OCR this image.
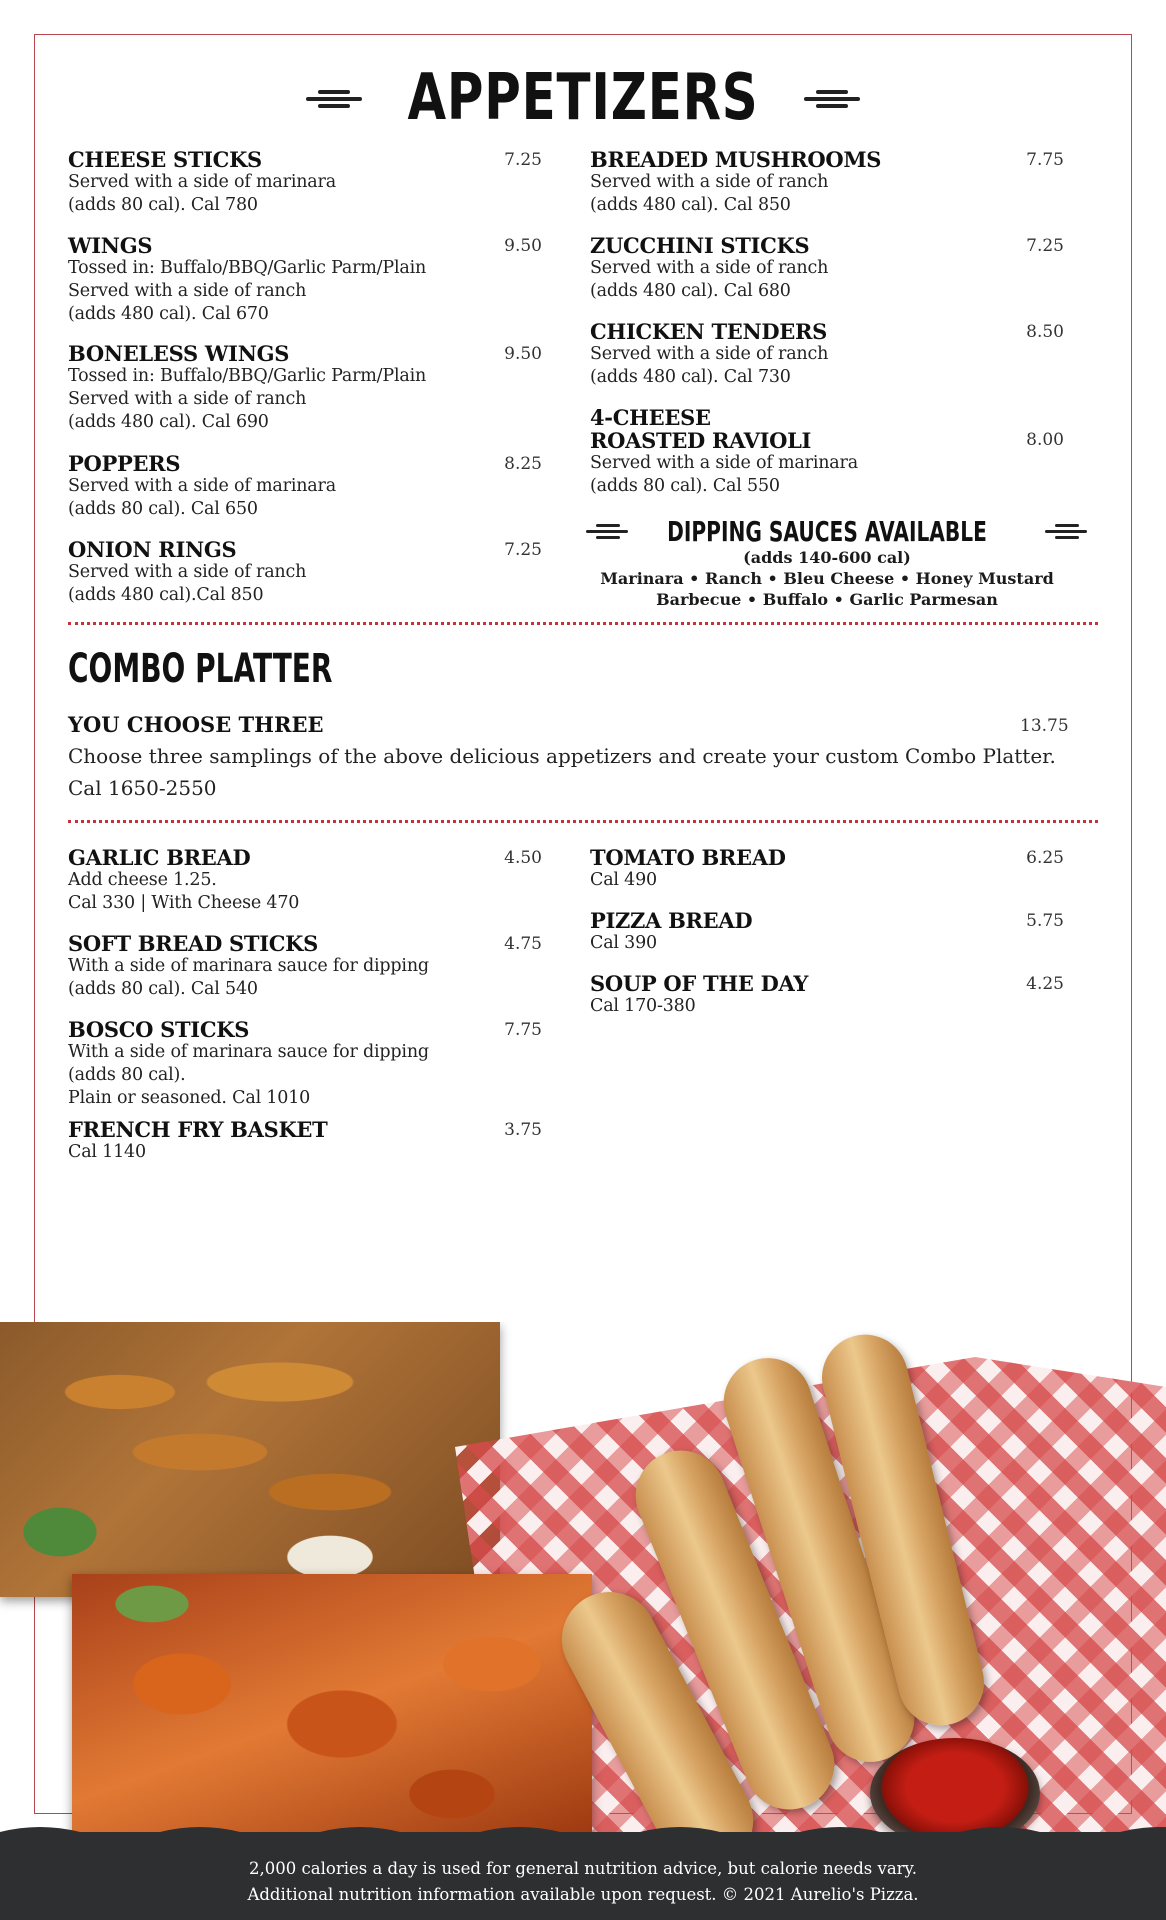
APPETIZERS
CHEESE STICKS	7.25
Served with a side of marinara
(adds 80 cal). Cal 780
WINGS	9.50
Tossed in: Buffalo/BBQ/Garlic Parm/Plain
Served with a side of ranch
(adds 480 cal). Cal 670
BONELESS WINGS	9.50
Tossed in: Buffalo/BBQ/Garlic Parm/Plain
Served with a side of ranch
(adds 480 cal). Cal 690
POPPERS	8.25
Served with a side of marinara
(adds 80 cal). Cal 650
ONION RINGS	7.25
Served with a side of ranch
(adds 480 cal).Cal 850
BREADED MUSHROOMS	7.75
Served with a side of ranch
(adds 480 cal). Cal 850
ZUCCHINI STICKS	7.25
Served with a side of ranch
(adds 480 cal). Cal 680
CHICKEN TENDERS	8.50
Served with a side of ranch
(adds 480 cal). Cal 730
4-CHEESE
ROASTED RAVIOLI	8.00
Served with a side of marinara
(adds 80 cal). Cal 550
DIPPING SAUCES AVAILABLE
(adds 140-600 cal)
Marinara • Ranch • Bleu Cheese • Honey Mustard
Barbecue • Buffalo • Garlic Parmesan
COMBO PLATTER
YOU CHOOSE THREE	13.75
Choose three samplings of the above delicious appetizers and create your custom Combo Platter.
Cal 1650-2550
GARLIC BREAD	4.50
Add cheese 1.25.
Cal 330 | With Cheese 470
SOFT BREAD STICKS	4.75
With a side of marinara sauce for dipping
(adds 80 cal). Cal 540
BOSCO STICKS	7.75
With a side of marinara sauce for dipping
(adds 80 cal).
Plain or seasoned. Cal 1010
FRENCH FRY BASKET	3.75
Cal 1140
TOMATO BREAD	6.25
Cal 490
PIZZA BREAD	5.75
Cal 390
SOUP OF THE DAY	4.25
Cal 170-380
2,000 calories a day is used for general nutrition advice, but calorie needs vary.
Additional nutrition information available upon request. © 2021 Aurelio's Pizza.
